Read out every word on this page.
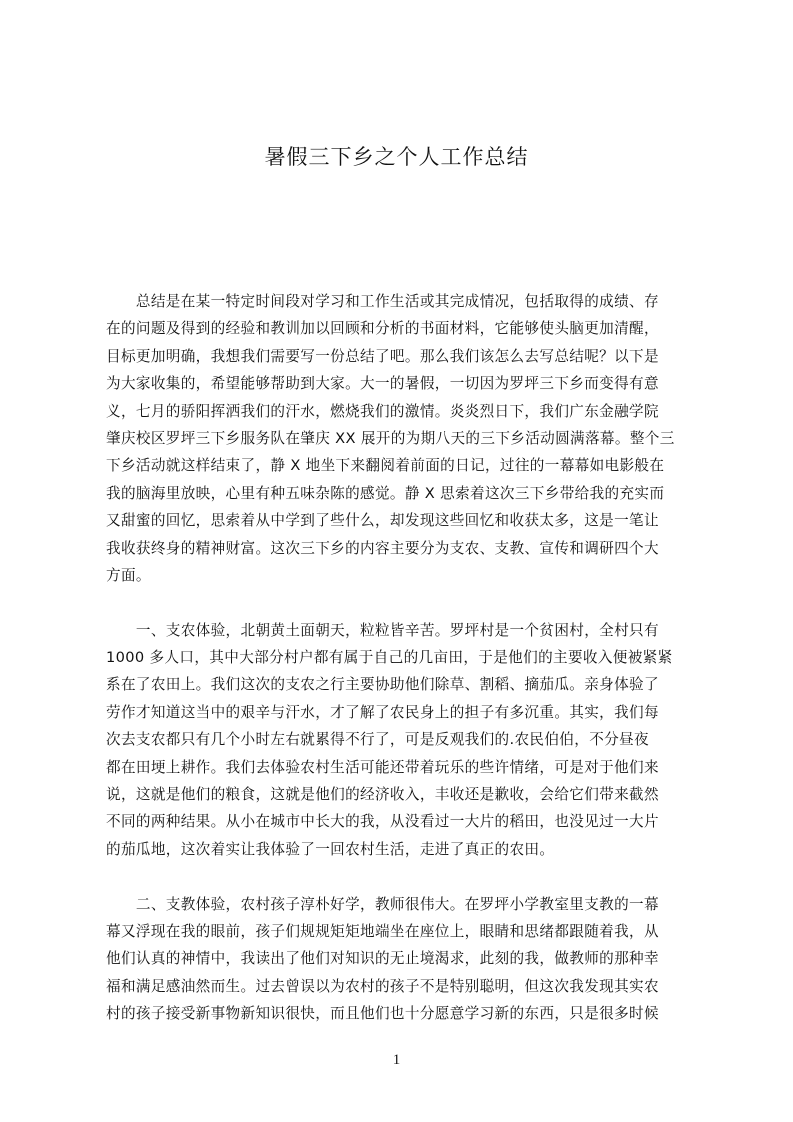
暑假三下乡之个人工作总结
　　总结是在某一特定时间段对学习和工作生活或其完成情况，包括取得的成绩、存
在的问题及得到的经验和教训加以回顾和分析的书面材料，它能够使头脑更加清醒，
目标更加明确，我想我们需要写一份总结了吧。那么我们该怎么去写总结呢？以下是
为大家收集的，希望能够帮助到大家。大一的暑假，一切因为罗坪三下乡而变得有意
义，七月的骄阳挥洒我们的汗水，燃烧我们的激情。炎炎烈日下，我们广东金融学院
肇庆校区罗坪三下乡服务队在肇庆 XX 展开的为期八天的三下乡活动圆满落幕。整个三
下乡活动就这样结束了，静 X 地坐下来翻阅着前面的日记，过往的一幕幕如电影般在
我的脑海里放映，心里有种五味杂陈的感觉。静 X 思索着这次三下乡带给我的充实而
又甜蜜的回忆，思索着从中学到了些什么，却发现这些回忆和收获太多，这是一笔让
我收获终身的精神财富。这次三下乡的内容主要分为支农、支教、宣传和调研四个大
方面。
　　一、支农体验，北朝黄土面朝天，粒粒皆辛苦。罗坪村是一个贫困村，全村只有
1000 多人口，其中大部分村户都有属于自己的几亩田，于是他们的主要收入便被紧紧
系在了农田上。我们这次的支农之行主要协助他们除草、割稻、摘茄瓜。亲身体验了
劳作才知道这当中的艰辛与汗水，才了解了农民身上的担子有多沉重。其实，我们每
次去支农都只有几个小时左右就累得不行了，可是反观我们的.农民伯伯，不分昼夜
都在田埂上耕作。我们去体验农村生活可能还带着玩乐的些许情绪，可是对于他们来
说，这就是他们的粮食，这就是他们的经济收入，丰收还是歉收，会给它们带来截然
不同的两种结果。从小在城市中长大的我，从没看过一大片的稻田，也没见过一大片
的茄瓜地，这次着实让我体验了一回农村生活，走进了真正的农田。
　　二、支教体验，农村孩子淳朴好学，教师很伟大。在罗坪小学教室里支教的一幕
幕又浮现在我的眼前，孩子们规规矩矩地端坐在座位上，眼睛和思绪都跟随着我，从
他们认真的神情中，我读出了他们对知识的无止境渴求，此刻的我，做教师的那种幸
福和满足感油然而生。过去曾误以为农村的孩子不是特别聪明，但这次我发现其实农
村的孩子接受新事物新知识很快，而且他们也十分愿意学习新的东西，只是很多时候
1
